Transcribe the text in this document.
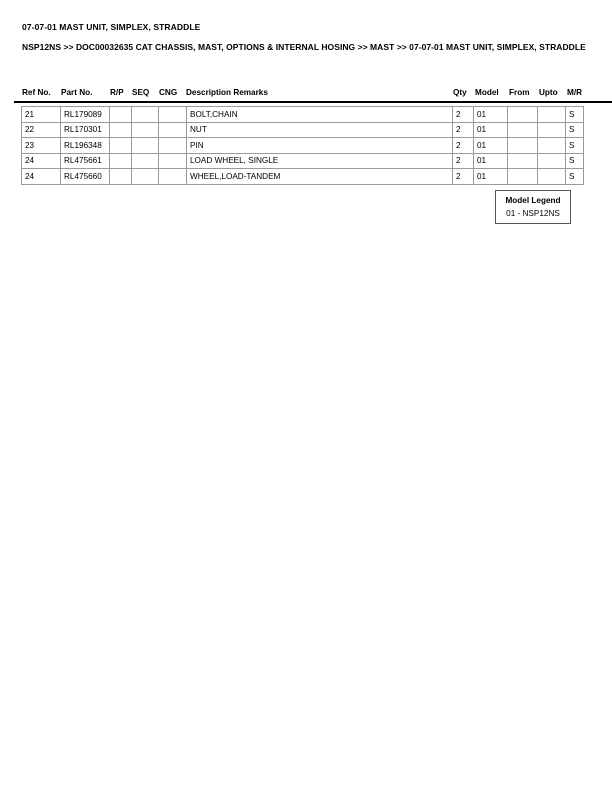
07-07-01 MAST UNIT, SIMPLEX, STRADDLE
NSP12NS >> DOC00032635 CAT CHASSIS, MAST, OPTIONS & INTERNAL HOSING >> MAST >> 07-07-01 MAST UNIT, SIMPLEX, STRADDLE
Ref No. Part No. R/P SEQ CNG Description Remarks	Qty Model From Upto M/R
21	RL179089				BOLT,CHAIN	2	01			S
22	RL170301				NUT	2	01			S
23	RL196348				PIN	2	01			S
24	RL475661				LOAD WHEEL, SINGLE	2	01			S
24	RL475660				WHEEL,LOAD-TANDEM	2	01			S
Model Legend
01 - NSP12NS
